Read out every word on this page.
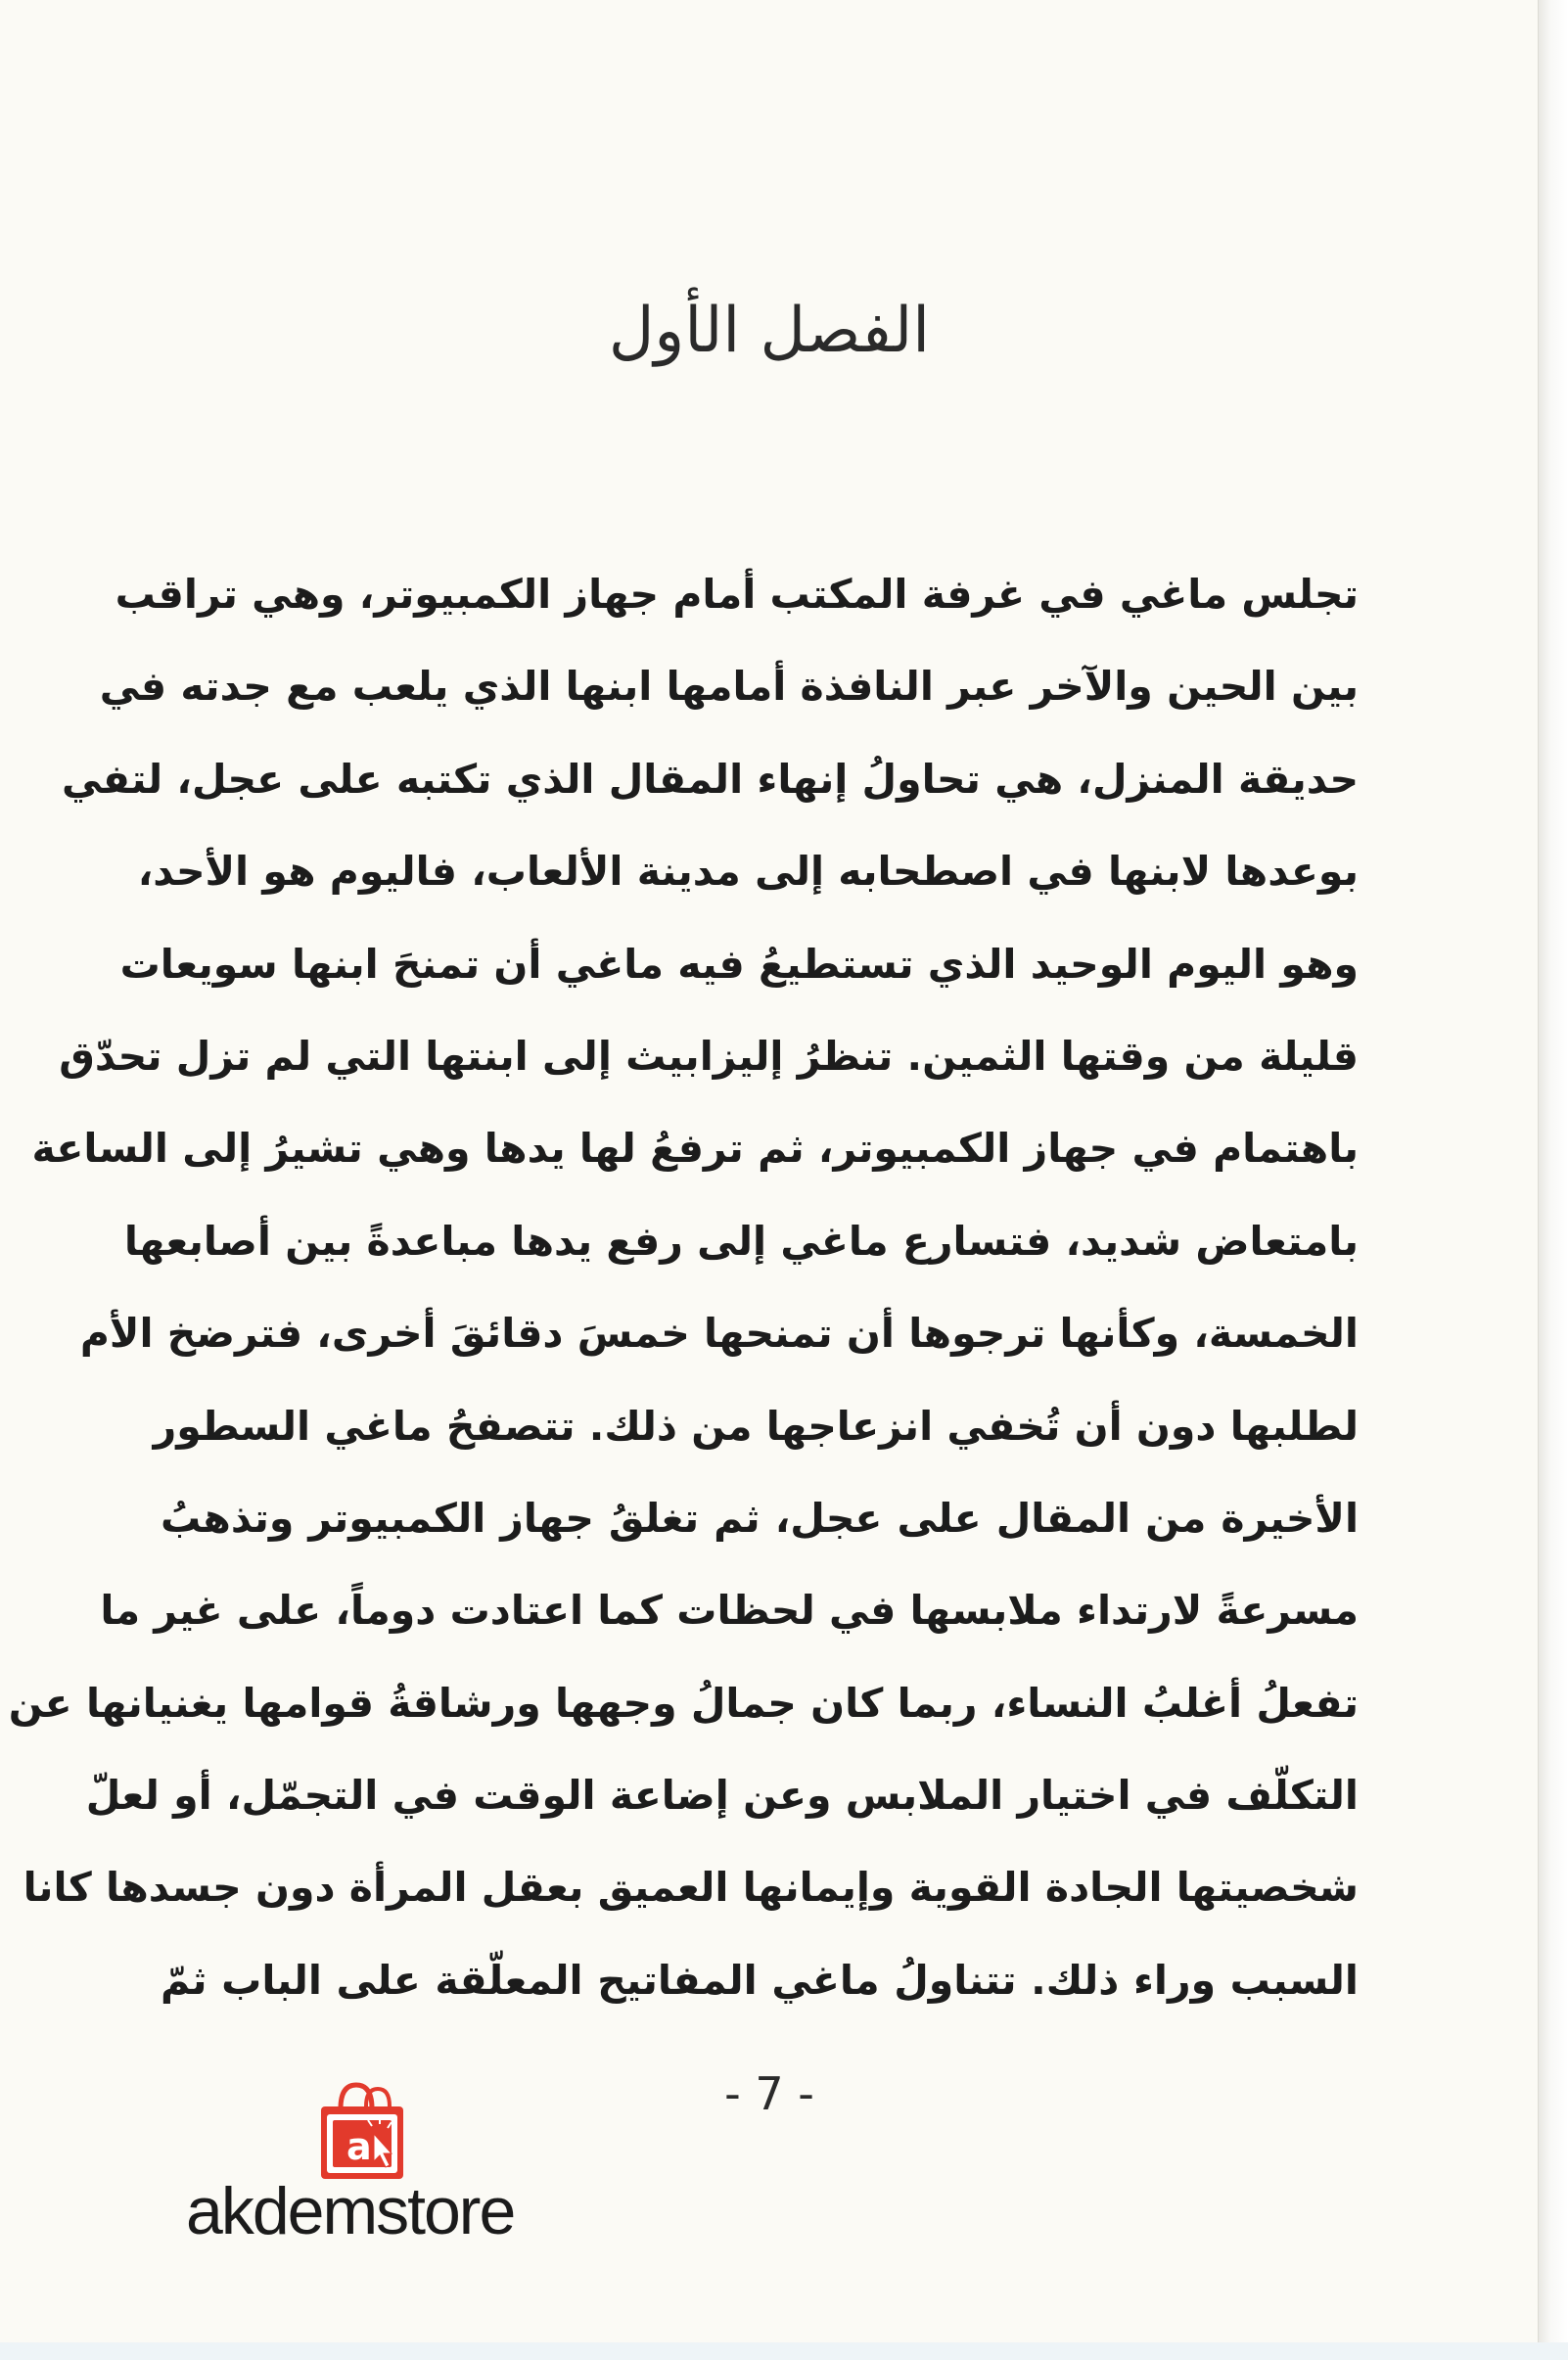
الفصل الأول
تجلس ماغي في غرفة المكتب أمام جهاز الكمبيوتر، وهي تراقب
بين الحين والآخر عبر النافذة أمامها ابنها الذي يلعب مع جدته في
حديقة المنزل، هي تحاولُ إنهاء المقال الذي تكتبه على عجل، لتفي
بوعدها لابنها في اصطحابه إلى مدينة الألعاب، فاليوم هو الأحد،
وهو اليوم الوحيد الذي تستطيعُ فيه ماغي أن تمنحَ ابنها سويعات
قليلة من وقتها الثمين. تنظرُ إليزابيث إلى ابنتها التي لم تزل تحدّق
باهتمام في جهاز الكمبيوتر، ثم ترفعُ لها يدها وهي تشيرُ إلى الساعة
بامتعاض شديد، فتسارع ماغي إلى رفع يدها مباعدةً بين أصابعها
الخمسة، وكأنها ترجوها أن تمنحها خمسَ دقائقَ أخرى، فترضخ الأم
لطلبها دون أن تُخفي انزعاجها من ذلك. تتصفحُ ماغي السطور
الأخيرة من المقال على عجل، ثم تغلقُ جهاز الكمبيوتر وتذهبُ
مسرعةً لارتداء ملابسها في لحظات كما اعتادت دوماً، على غير ما
تفعلُ أغلبُ النساء، ربما كان جمالُ وجهها ورشاقةُ قوامها يغنيانها عن
التكلّف في اختيار الملابس وعن إضاعة الوقت في التجمّل، أو لعلّ
شخصيتها الجادة القوية وإيمانها العميق بعقل المرأة دون جسدها كانا
السبب وراء ذلك. تتناولُ ماغي المفاتيح المعلّقة على الباب ثمّ
- 7 -
a
akdemstore
